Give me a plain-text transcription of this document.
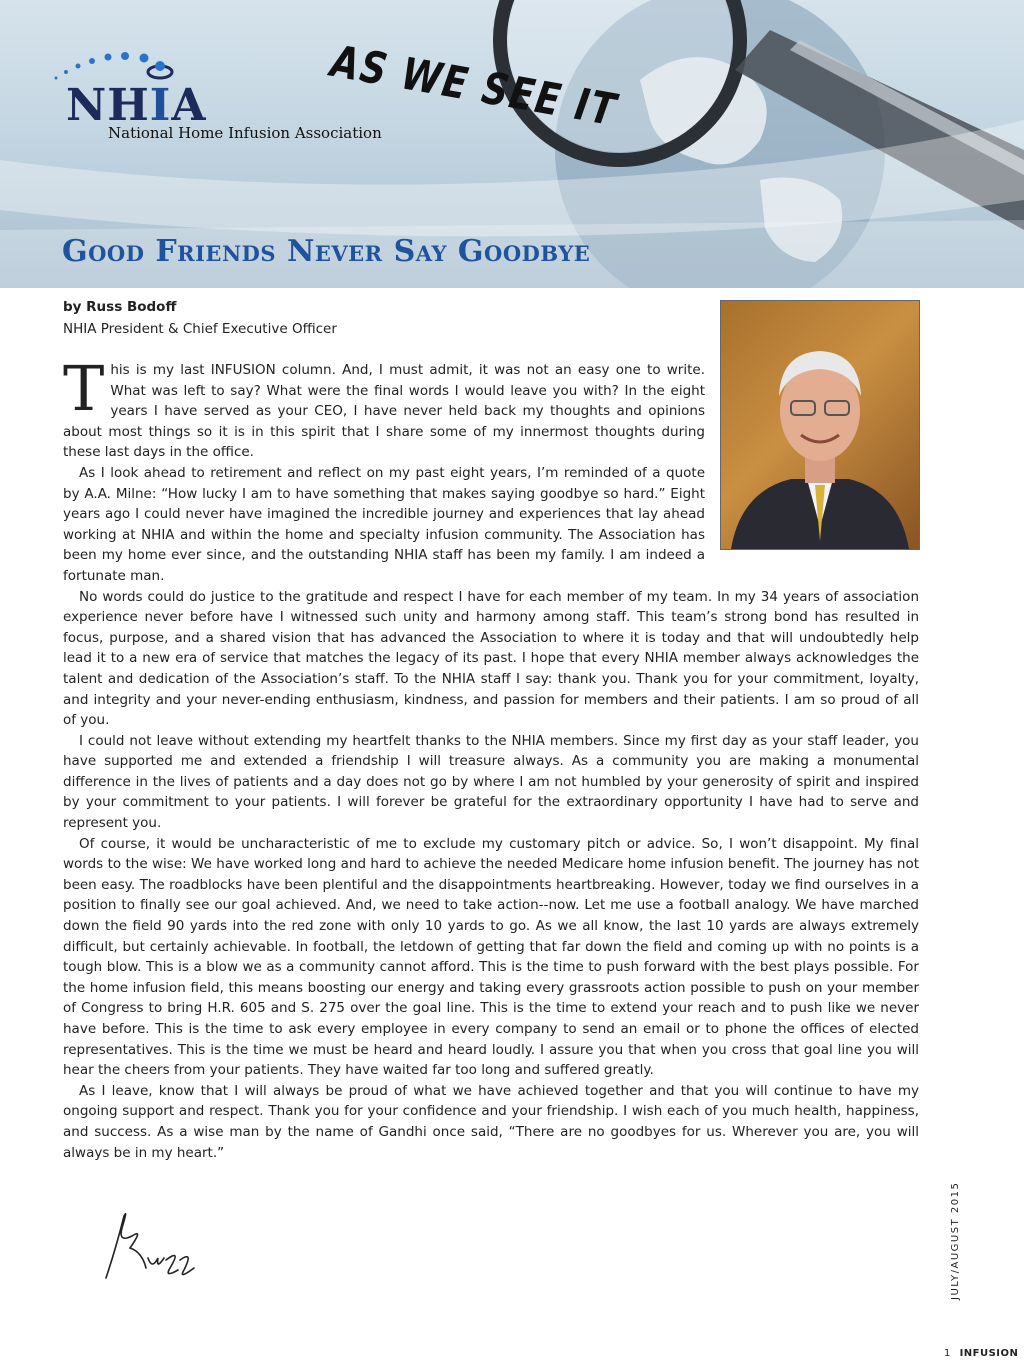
NHIA
National Home Infusion Association
AS WE SEE IT
Good Friends Never Say Goodbye
by Russ Bodoff
NHIA President & Chief Executive Officer

This is my last INFUSION column. And, I must admit, it was not an easy one to write. What was left to say? What were the final words I would leave you with? In the eight years I have served as your CEO, I have never held back my thoughts and opinions about most things so it is in this spirit that I share some of my innermost thoughts during these last days in the office.

As I look ahead to retirement and reflect on my past eight years, I’m reminded of a quote by A.A. Milne: “How lucky I am to have something that makes saying goodbye so hard.” Eight years ago I could never have imagined the incredible journey and experiences that lay ahead working at NHIA and within the home and specialty infusion community. The Association has been my home ever since, and the outstanding NHIA staff has been my family. I am indeed a fortunate man.

No words could do justice to the gratitude and respect I have for each member of my team. In my 34 years of association experience never before have I witnessed such unity and harmony among staff. This team’s strong bond has resulted in focus, purpose, and a shared vision that has advanced the Association to where it is today and that will undoubtedly help lead it to a new era of service that matches the legacy of its past. I hope that every NHIA member always acknowledges the talent and dedication of the Association’s staff. To the NHIA staff I say: thank you. Thank you for your commitment, loyalty, and integrity and your never-ending enthusiasm, kindness, and passion for members and their patients. I am so proud of all of you.

I could not leave without extending my heartfelt thanks to the NHIA members. Since my first day as your staff leader, you have supported me and extended a friendship I will treasure always. As a community you are making a monumental difference in the lives of patients and a day does not go by where I am not humbled by your generosity of spirit and inspired by your commitment to your patients. I will forever be grateful for the extraordinary opportunity I have had to serve and represent you.

Of course, it would be uncharacteristic of me to exclude my customary pitch or advice. So, I won’t disappoint. My final words to the wise: We have worked long and hard to achieve the needed Medicare home infusion benefit. The journey has not been easy. The roadblocks have been plentiful and the disappointments heartbreaking. However, today we find ourselves in a position to finally see our goal achieved. And, we need to take action--now. Let me use a football analogy. We have marched down the field 90 yards into the red zone with only 10 yards to go. As we all know, the last 10 yards are always extremely difficult, but certainly achievable. In football, the letdown of getting that far down the field and coming up with no points is a tough blow. This is a blow we as a community cannot afford. This is the time to push forward with the best plays possible. For the home infusion field, this means boosting our energy and taking every grassroots action possible to push on your member of Congress to bring H.R. 605 and S. 275 over the goal line. This is the time to extend your reach and to push like we never have before. This is the time to ask every employee in every company to send an email or to phone the offices of elected representatives. This is the time we must be heard and heard loudly. I assure you that when you cross that goal line you will hear the cheers from your patients. They have waited far too long and suffered greatly.

As I leave, know that I will always be proud of what we have achieved together and that you will continue to have my ongoing support and respect. Thank you for your confidence and your friendship. I wish each of you much health, happiness, and success. As a wise man by the name of Gandhi once said, “There are no goodbyes for us. Wherever you are, you will always be in my heart.”

JULY/AUGUST 2015
1 INFUSION
